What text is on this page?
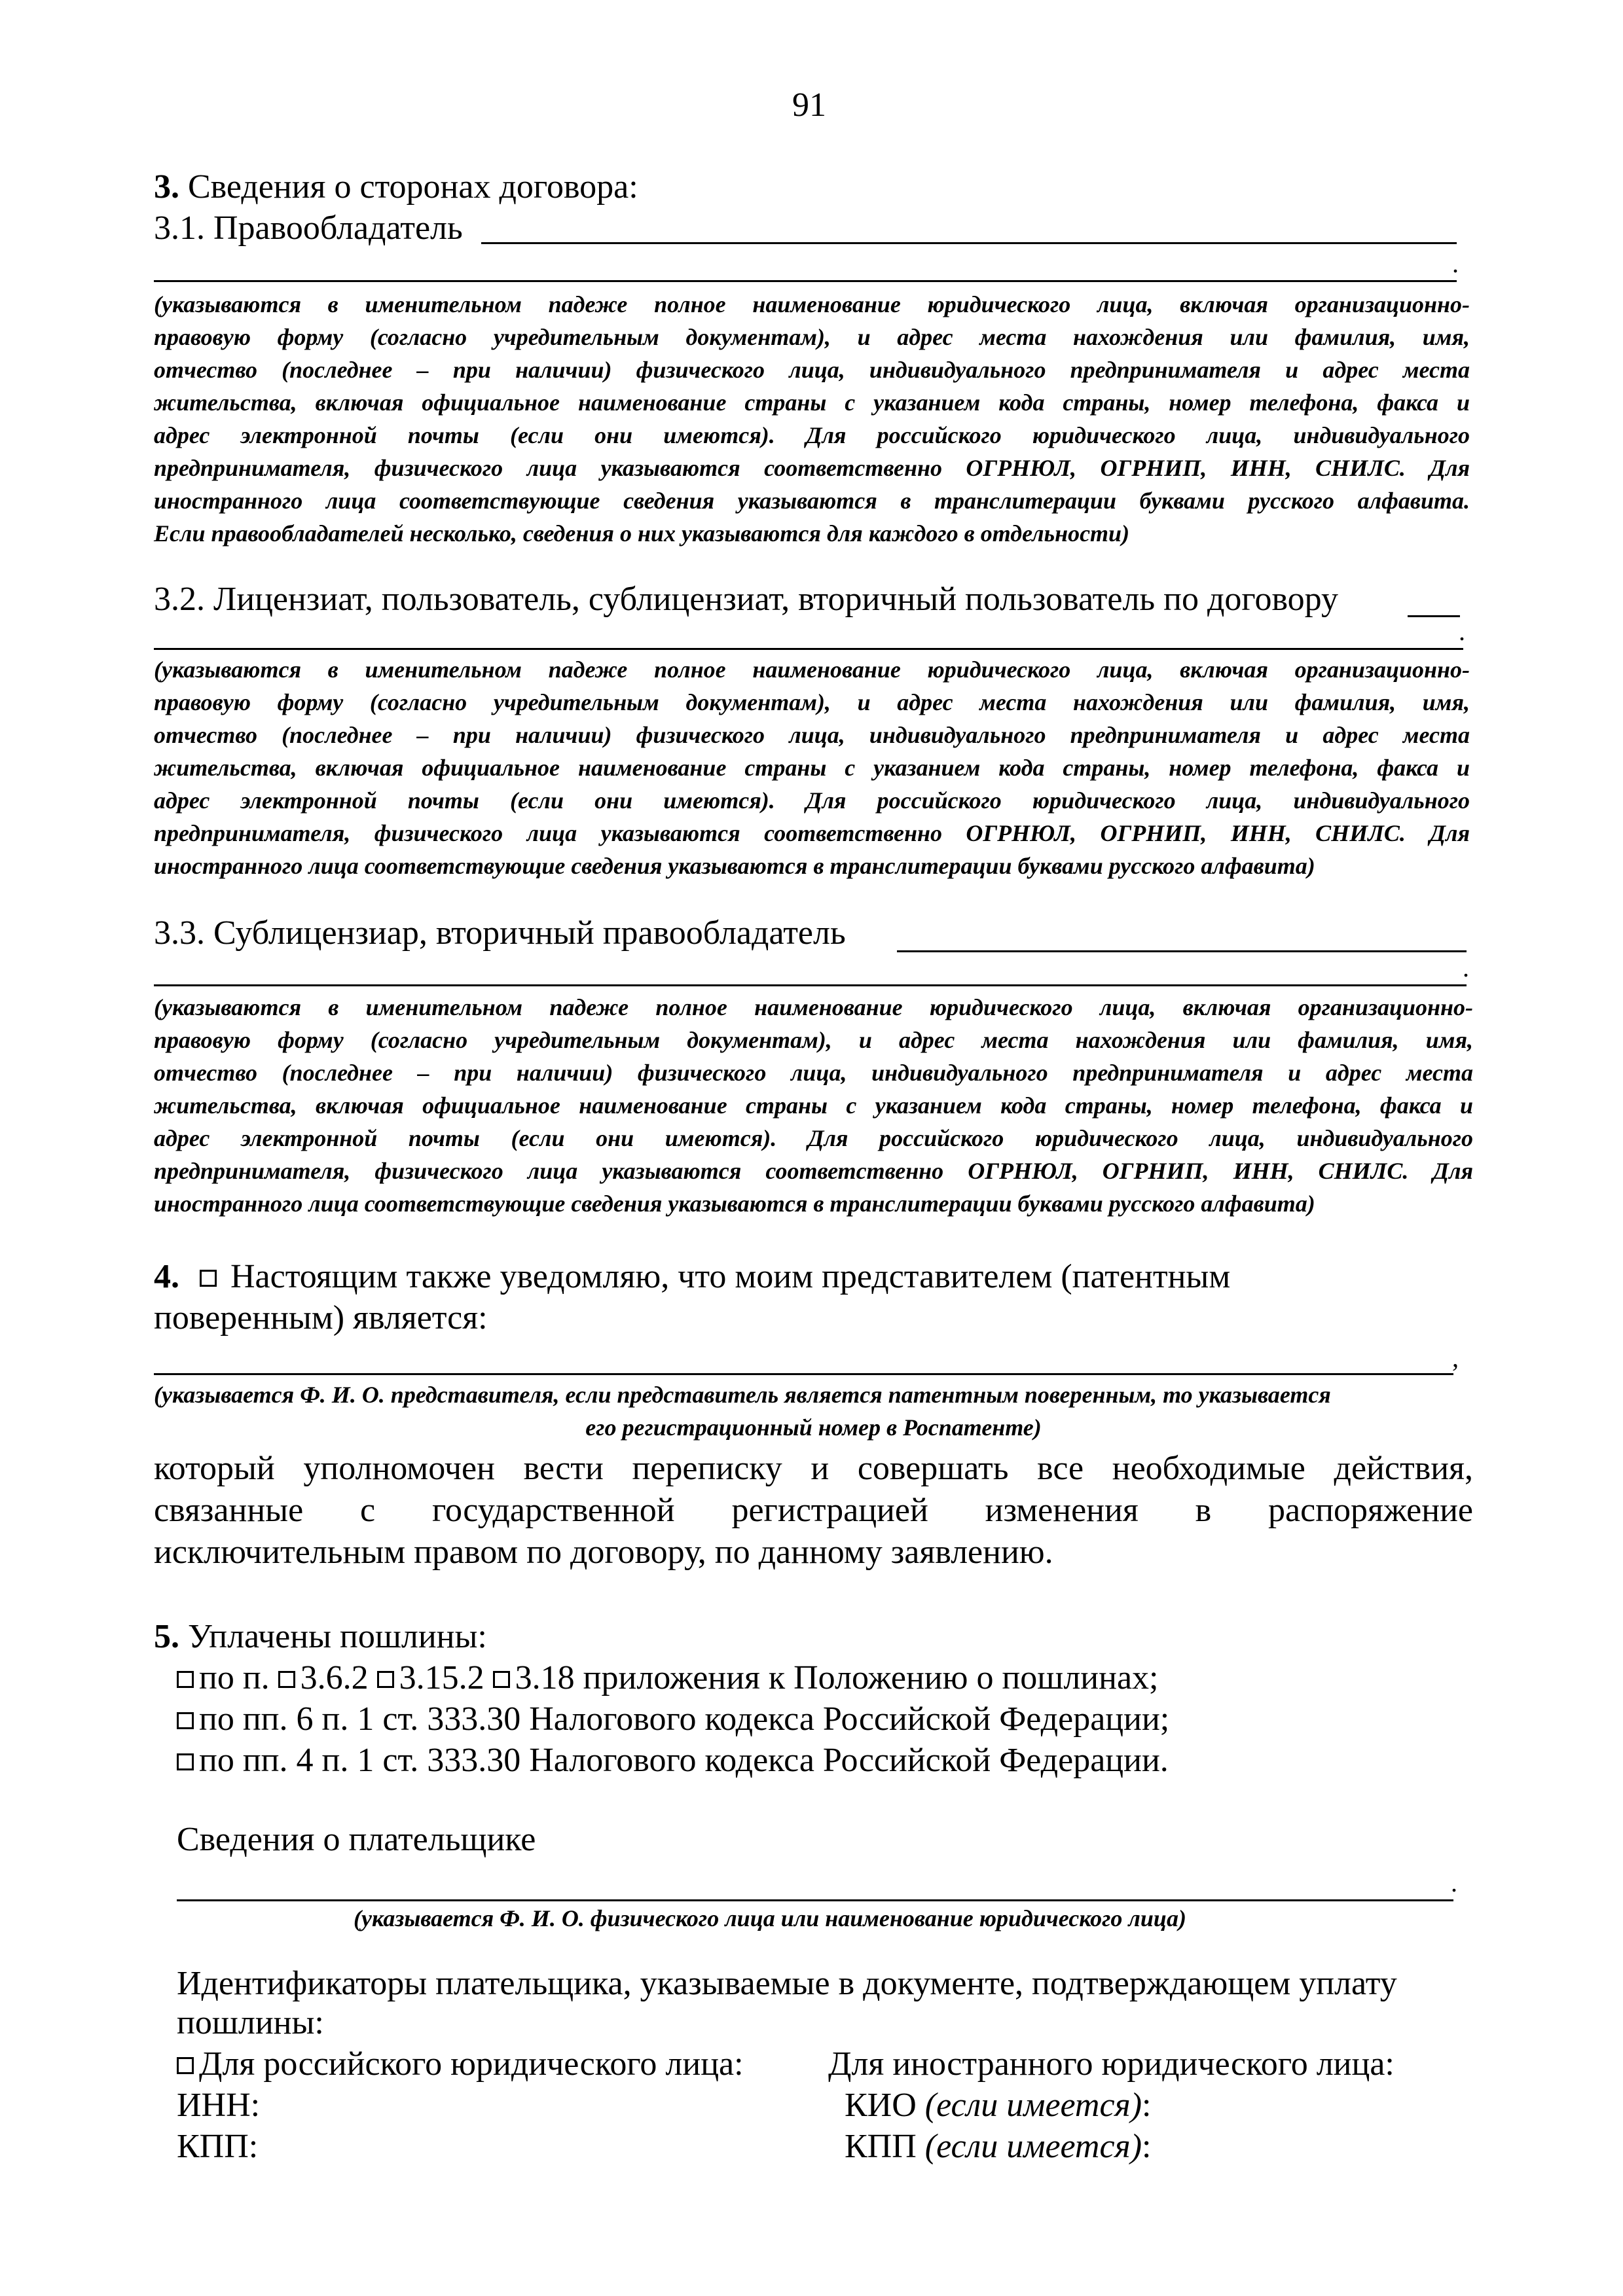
91
3. Сведения о сторонах договора:
3.1. Правообладатель
.
(указываются в именительном падеже полное наименование юридического лица, включая организационно-
правовую форму (согласно учредительным документам), и адрес места нахождения или фамилия, имя,
отчество (последнее – при наличии) физического лица, индивидуального предпринимателя и адрес места
жительства, включая официальное наименование страны с указанием кода страны, номер телефона, факса и
адрес электронной почты (если они имеются). Для российского юридического лица, индивидуального
предпринимателя, физического лица указываются соответственно ОГРНЮЛ, ОГРНИП, ИНН, СНИЛС. Для
иностранного лица соответствующие сведения указываются в транслитерации буквами русского алфавита.
Если правообладателей несколько, сведения о них указываются для каждого в отдельности)
3.2. Лицензиат, пользователь, сублицензиат, вторичный пользователь по договору
.
(указываются в именительном падеже полное наименование юридического лица, включая организационно-
правовую форму (согласно учредительным документам), и адрес места нахождения или фамилия, имя,
отчество (последнее – при наличии) физического лица, индивидуального предпринимателя и адрес места
жительства, включая официальное наименование страны с указанием кода страны, номер телефона, факса и
адрес электронной почты (если они имеются). Для российского юридического лица, индивидуального
предпринимателя, физического лица указываются соответственно ОГРНЮЛ, ОГРНИП, ИНН, СНИЛС. Для
иностранного лица соответствующие сведения указываются в транслитерации буквами русского алфавита)
3.3. Сублицензиар, вторичный правообладатель
.
(указываются в именительном падеже полное наименование юридического лица, включая организационно-
правовую форму (согласно учредительным документам), и адрес места нахождения или фамилия, имя,
отчество (последнее – при наличии) физического лица, индивидуального предпринимателя и адрес места
жительства, включая официальное наименование страны с указанием кода страны, номер телефона, факса и
адрес электронной почты (если они имеются). Для российского юридического лица, индивидуального
предпринимателя, физического лица указываются соответственно ОГРНЮЛ, ОГРНИП, ИНН, СНИЛС. Для
иностранного лица соответствующие сведения указываются в транслитерации буквами русского алфавита)
4. Настоящим также уведомляю, что моим представителем (патентным
поверенным) является:
,
(указывается Ф. И. О. представителя, если представитель является патентным поверенным, то указывается
его регистрационный номер в Роспатенте)
который уполномочен вести переписку и совершать все необходимые действия,
связанные с государственной регистрацией изменения в распоряжение
исключительным правом по договору, по данному заявлению.
5. Уплачены пошлины:
по п. 3.6.2 3.15.2 3.18 приложения к Положению о пошлинах;
по пп. 6 п. 1 ст. 333.30 Налогового кодекса Российской Федерации;
по пп. 4 п. 1 ст. 333.30 Налогового кодекса Российской Федерации.
Сведения о плательщике
.
(указывается Ф. И. О. физического лица или наименование юридического лица)
Идентификаторы плательщика, указываемые в документе, подтверждающем уплату
пошлины:
Для российского юридического лица:
ИНН:
КПП:
Для иностранного юридического лица:
КИО (если имеется):
КПП (если имеется):
